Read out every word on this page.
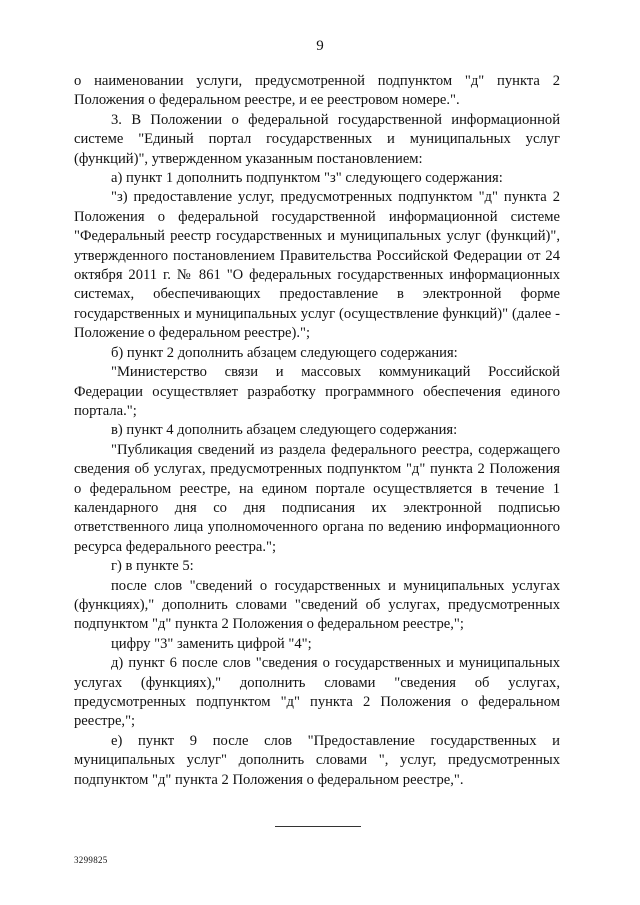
9

о наименовании услуги, предусмотренной подпунктом "д" пункта 2 Положения о федеральном реестре, и ее реестровом номере.".

3. В Положении о федеральной государственной информационной системе "Единый портал государственных и муниципальных услуг (функций)", утвержденном указанным постановлением:

а) пункт 1 дополнить подпунктом "з" следующего содержания:

"з) предоставление услуг, предусмотренных подпунктом "д" пункта 2 Положения о федеральной государственной информационной системе "Федеральный реестр государственных и муниципальных услуг (функций)", утвержденного постановлением Правительства Российской Федерации от 24 октября 2011 г. № 861 "О федеральных государственных информационных системах, обеспечивающих предоставление в электронной форме государственных и муниципальных услуг (осуществление функций)" (далее - Положение о федеральном реестре).";

б) пункт 2 дополнить абзацем следующего содержания:

"Министерство связи и массовых коммуникаций Российской Федерации осуществляет разработку программного обеспечения единого портала.";

в) пункт 4 дополнить абзацем следующего содержания:

"Публикация сведений из раздела федерального реестра, содержащего сведения об услугах, предусмотренных подпунктом "д" пункта 2 Положения о федеральном реестре, на едином портале осуществляется в течение 1 календарного дня со дня подписания их электронной подписью ответственного лица уполномоченного органа по ведению информационного ресурса федерального реестра.";

г) в пункте 5:

после слов "сведений о государственных и муниципальных услугах (функциях)," дополнить словами "сведений об услугах, предусмотренных подпунктом "д" пункта 2 Положения о федеральном реестре,";

цифру "3" заменить цифрой "4";

д) пункт 6 после слов "сведения о государственных и муниципальных услугах (функциях)," дополнить словами "сведения об услугах, предусмотренных подпунктом "д" пункта 2 Положения о федеральном реестре,";

е) пункт 9 после слов "Предоставление государственных и муниципальных услуг" дополнить словами ", услуг, предусмотренных подпунктом "д" пункта 2 Положения о федеральном реестре,".

3299825
